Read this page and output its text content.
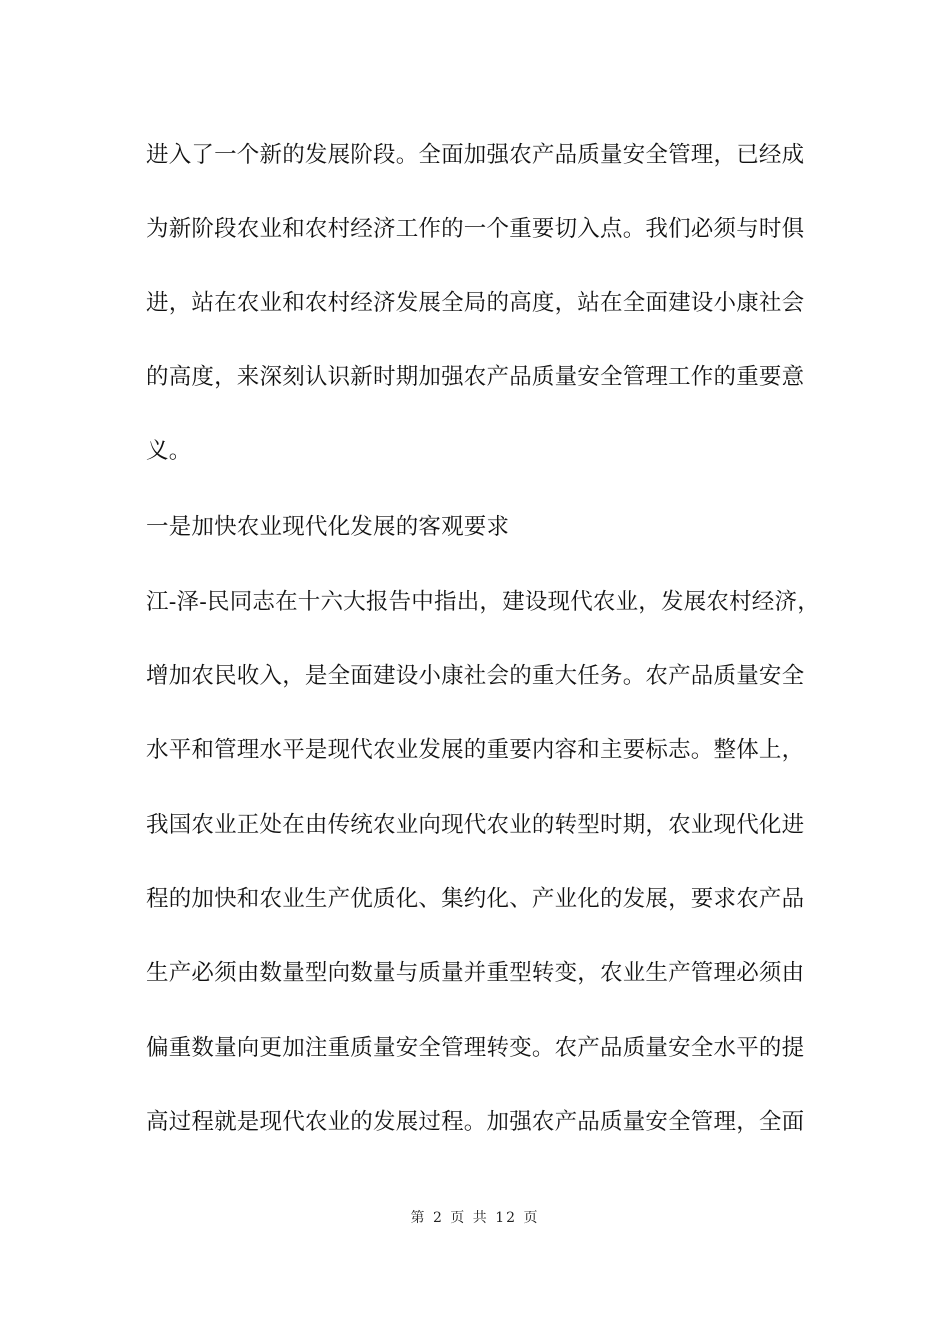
进入了一个新的发展阶段。全面加强农产品质量安全管理，已经成
为新阶段农业和农村经济工作的一个重要切入点。我们必须与时俱
进，站在农业和农村经济发展全局的高度，站在全面建设小康社会
的高度，来深刻认识新时期加强农产品质量安全管理工作的重要意
义。
一是加快农业现代化发展的客观要求
江-泽-民同志在十六大报告中指出，建设现代农业，发展农村经济，
增加农民收入，是全面建设小康社会的重大任务。农产品质量安全
水平和管理水平是现代农业发展的重要内容和主要标志。整体上，
我国农业正处在由传统农业向现代农业的转型时期，农业现代化进
程的加快和农业生产优质化、集约化、产业化的发展，要求农产品
生产必须由数量型向数量与质量并重型转变，农业生产管理必须由
偏重数量向更加注重质量安全管理转变。农产品质量安全水平的提
高过程就是现代农业的发展过程。加强农产品质量安全管理，全面
第 2 页 共 12 页
